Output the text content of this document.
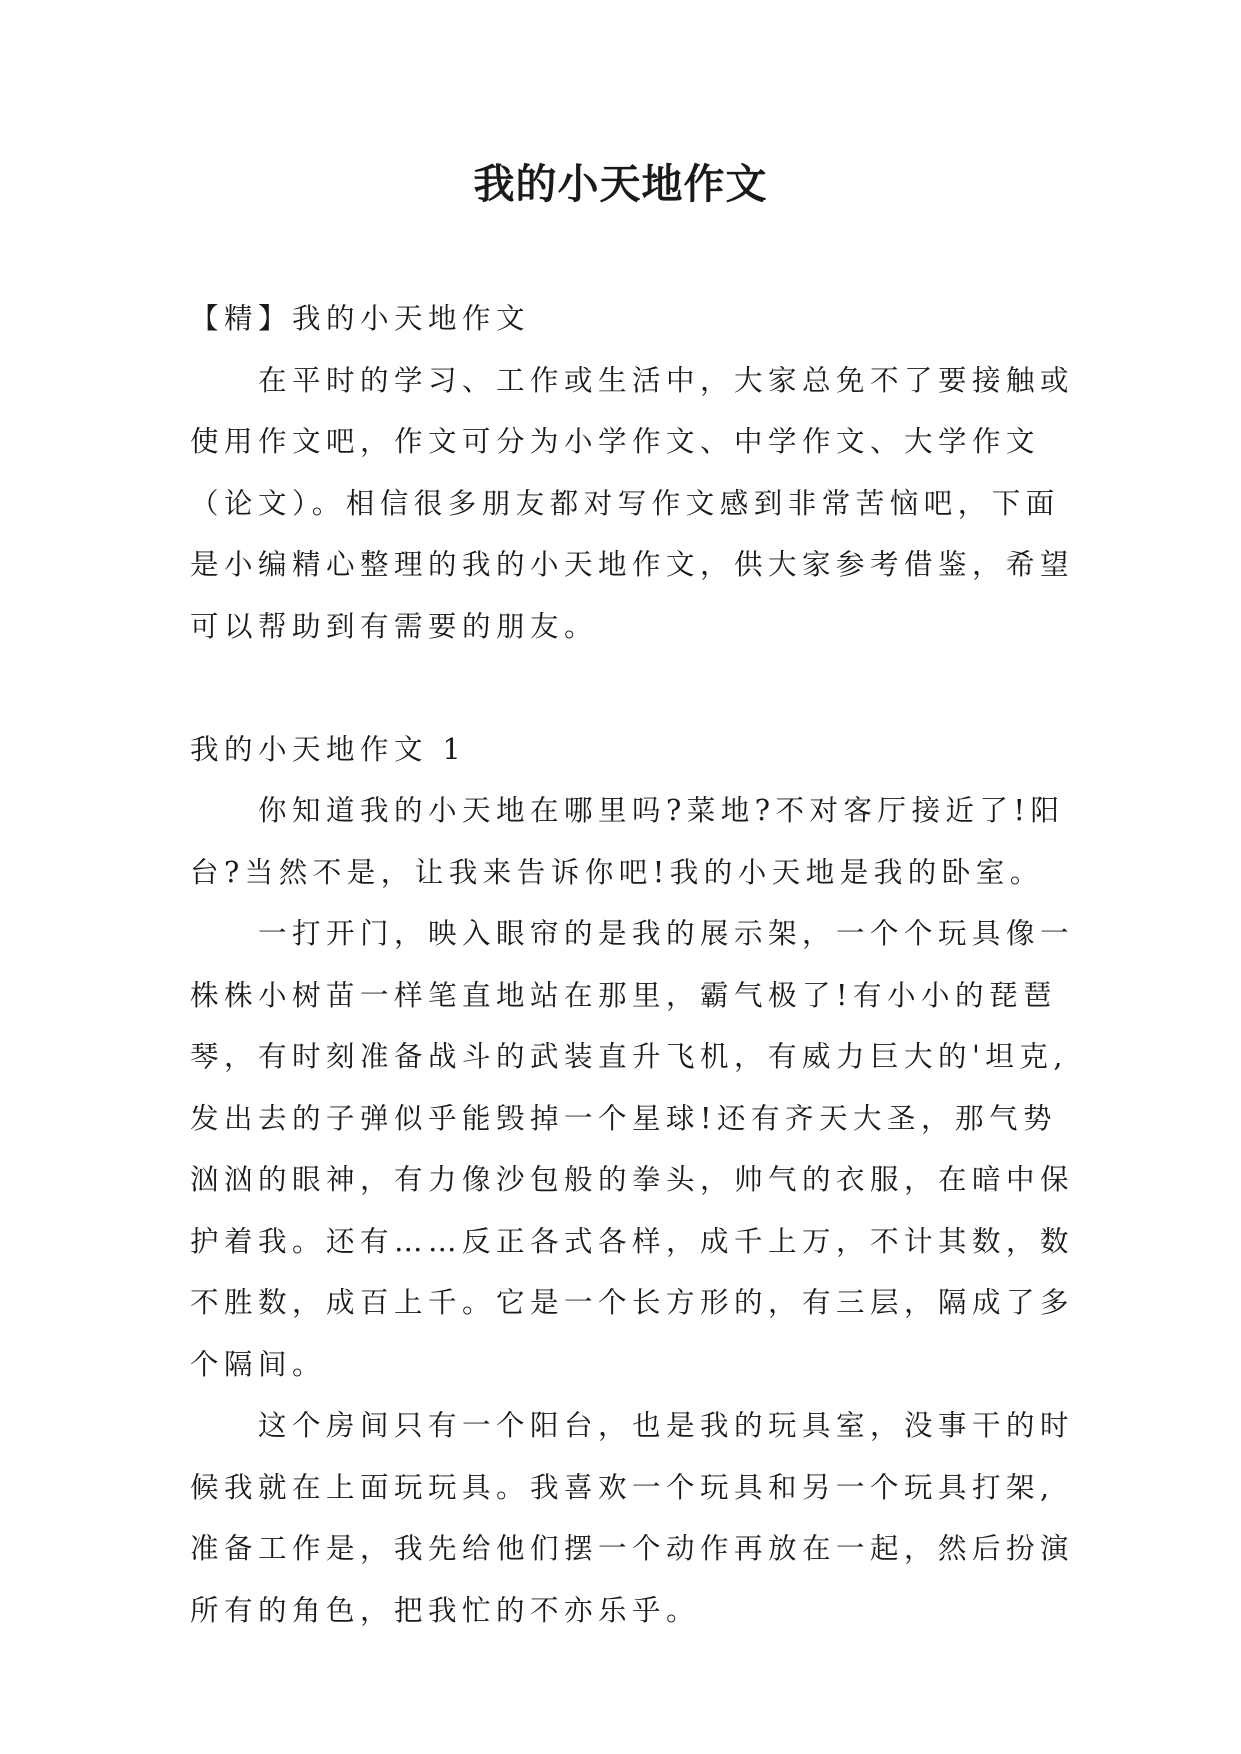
我的小天地作文

【精】我的小天地作文

在平时的学习、工作或生活中，大家总免不了要接触或

使用作文吧，作文可分为小学作文、中学作文、大学作文

（论文）。相信很多朋友都对写作文感到非常苦恼吧，下面

是小编精心整理的我的小天地作文，供大家参考借鉴，希望

可以帮助到有需要的朋友。

我的小天地作文 1

你知道我的小天地在哪里吗?菜地?不对客厅接近了!阳

台?当然不是，让我来告诉你吧!我的小天地是我的卧室。

一打开门，映入眼帘的是我的展示架，一个个玩具像一

株株小树苗一样笔直地站在那里，霸气极了!有小小的琵琶

琴，有时刻准备战斗的武装直升飞机，有威力巨大的'坦克,

发出去的子弹似乎能毁掉一个星球!还有齐天大圣，那气势

汹汹的眼神，有力像沙包般的拳头，帅气的衣服，在暗中保

护着我。还有……反正各式各样，成千上万，不计其数，数

不胜数，成百上千。它是一个长方形的，有三层，隔成了多

个隔间。

这个房间只有一个阳台，也是我的玩具室，没事干的时

候我就在上面玩玩具。我喜欢一个玩具和另一个玩具打架,

准备工作是，我先给他们摆一个动作再放在一起，然后扮演

所有的角色，把我忙的不亦乐乎。
